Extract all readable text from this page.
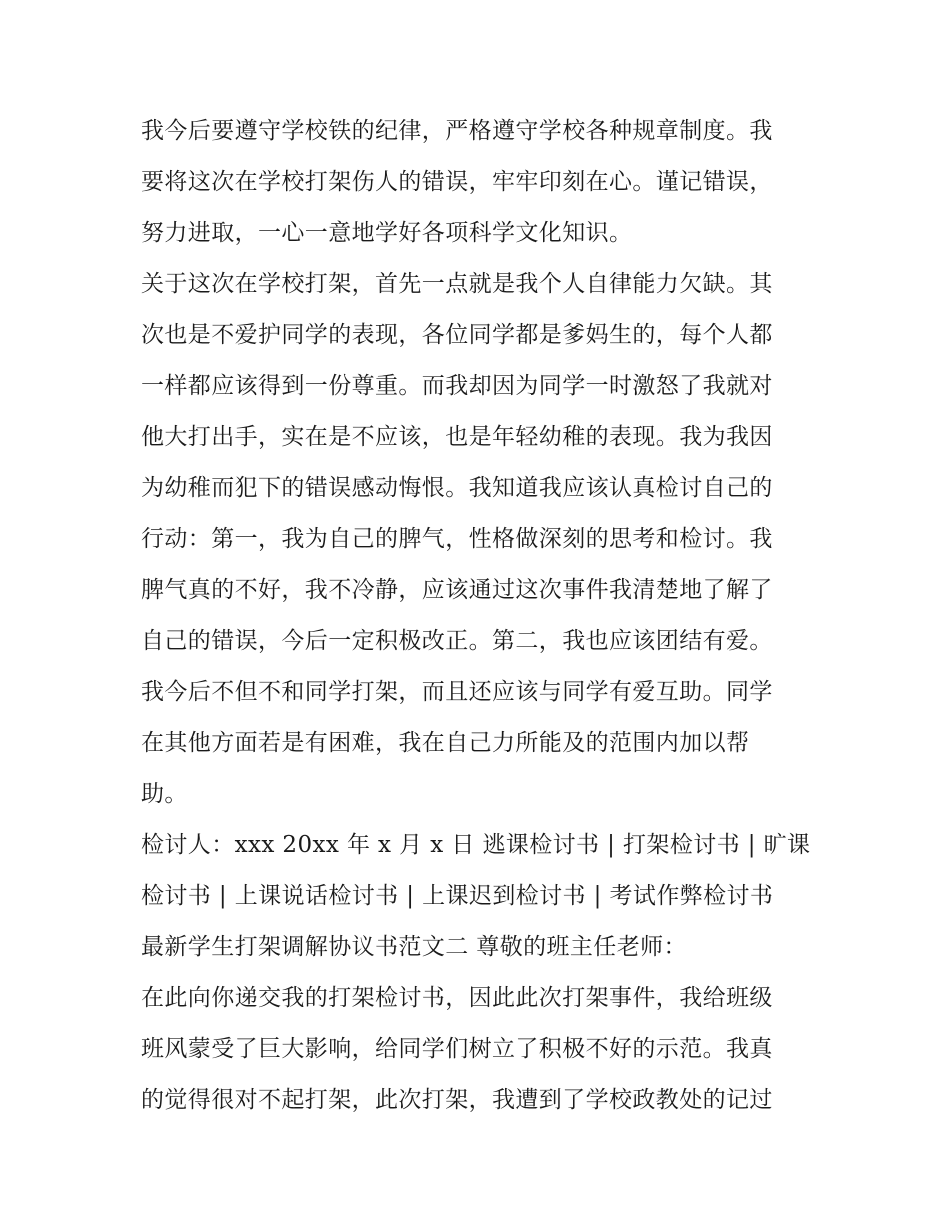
我今后要遵守学校铁的纪律，严格遵守学校各种规章制度。我
要将这次在学校打架伤人的错误，牢牢印刻在心。谨记错误，
努力进取，一心一意地学好各项科学文化知识。
关于这次在学校打架，首先一点就是我个人自律能力欠缺。其
次也是不爱护同学的表现，各位同学都是爹妈生的，每个人都
一样都应该得到一份尊重。而我却因为同学一时激怒了我就对
他大打出手，实在是不应该，也是年轻幼稚的表现。我为我因
为幼稚而犯下的错误感动悔恨。我知道我应该认真检讨自己的
行动：第一，我为自己的脾气，性格做深刻的思考和检讨。我
脾气真的不好，我不冷静，应该通过这次事件我清楚地了解了
自己的错误，今后一定积极改正。第二，我也应该团结有爱。
我今后不但不和同学打架，而且还应该与同学有爱互助。同学
在其他方面若是有困难，我在自己力所能及的范围内加以帮
助。
检讨人：xxx 20xx 年 x 月 x 日 逃课检讨书 | 打架检讨书 | 旷课
检讨书 | 上课说话检讨书 | 上课迟到检讨书 | 考试作弊检讨书
最新学生打架调解协议书范文二 尊敬的班主任老师：
在此向你递交我的打架检讨书，因此此次打架事件，我给班级
班风蒙受了巨大影响，给同学们树立了积极不好的示范。我真
的觉得很对不起打架，此次打架，我遭到了学校政教处的记过
